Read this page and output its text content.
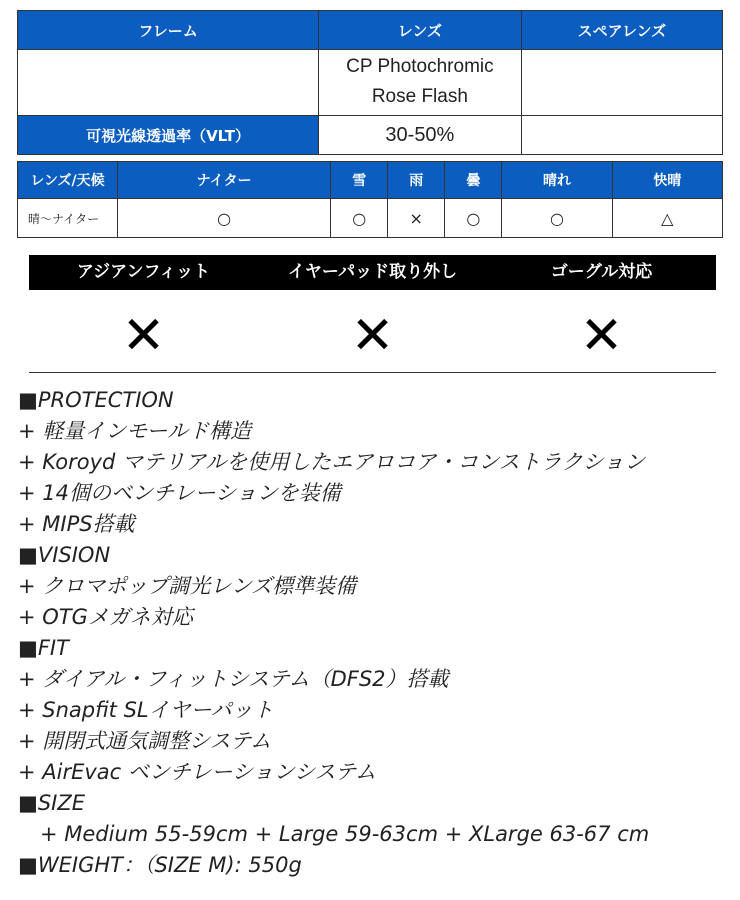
フレーム	レンズ	スペアレンズ

	CP Photochromic
Rose Flash	

可視光線透過率（VLT）	30-50%	
レンズ/天候	ナイター	雪	雨	曇	晴れ	快晴
晴～ナイター	○	○	×	○	○	△
アジアンフィット	イヤーパッド取り外し	ゴーグル対応
✕	✕	✕
■PROTECTION
+ 軽量インモールド構造
+ Koroyd マテリアルを使用したエアロコア・コンストラクション
+ 14個のベンチレーションを装備
+ MIPS搭載
■VISION
+ クロマポップ調光レンズ標準装備
+ OTGメガネ対応
■FIT
+ ダイアル・フィットシステム（DFS2）搭載
+ Snapfit SLイヤーパット
+ 開閉式通気調整システム
+ AirEvac ベンチレーションシステム
■SIZE
+ Medium 55-59cm + Large 59-63cm + XLarge 63-67 cm
■WEIGHT：（SIZE M): 550g
